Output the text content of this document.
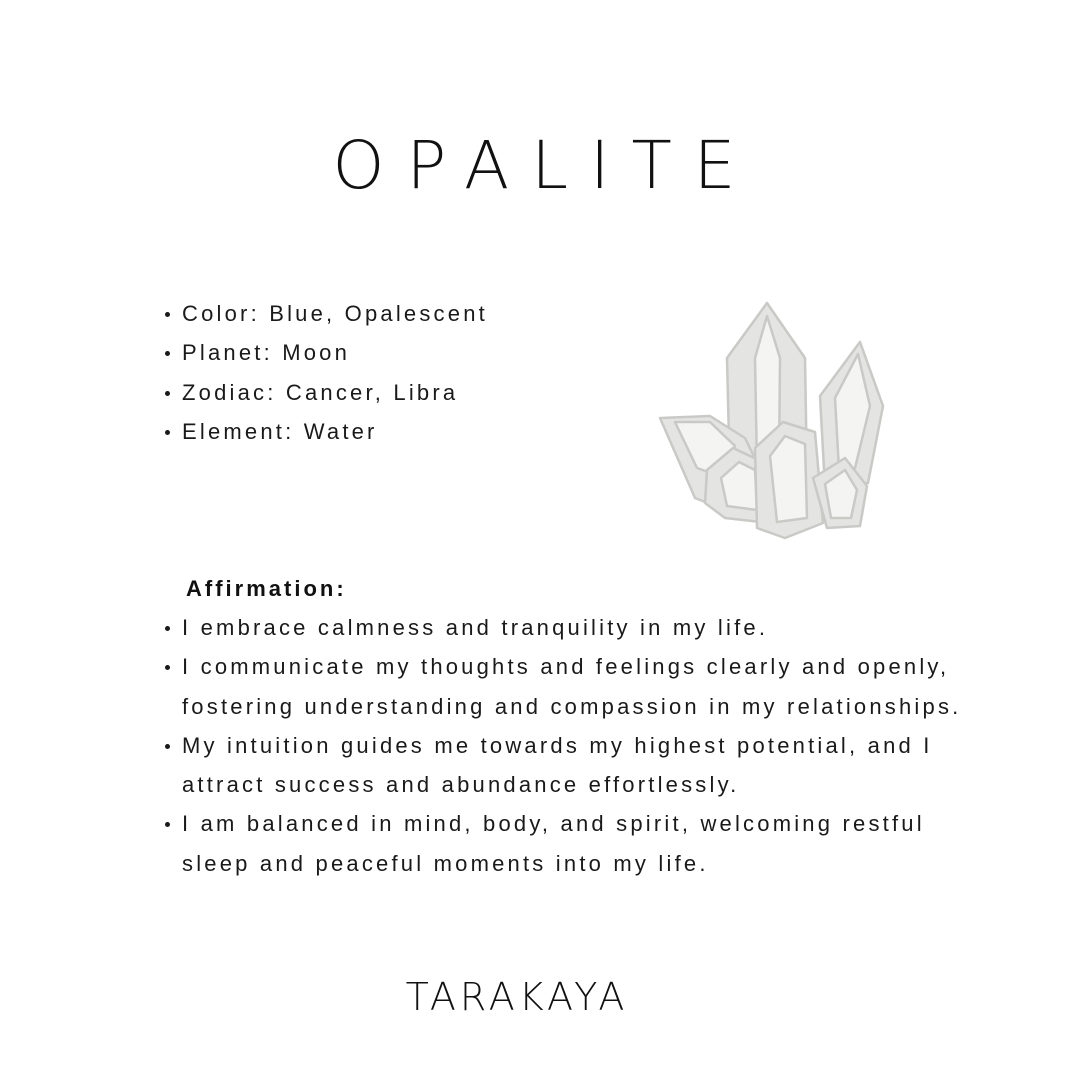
OPALITE
Color: Blue, Opalescent
Planet: Moon
Zodiac: Cancer, Libra
Element: Water
Affirmation:
I embrace calmness and tranquility in my life.
I communicate my thoughts and feelings clearly and openly, fostering understanding and compassion in my relationships.
My intuition guides me towards my highest potential, and I attract success and abundance effortlessly.
I am balanced in mind, body, and spirit, welcoming restful sleep and peaceful moments into my life.
TARAKAYA
